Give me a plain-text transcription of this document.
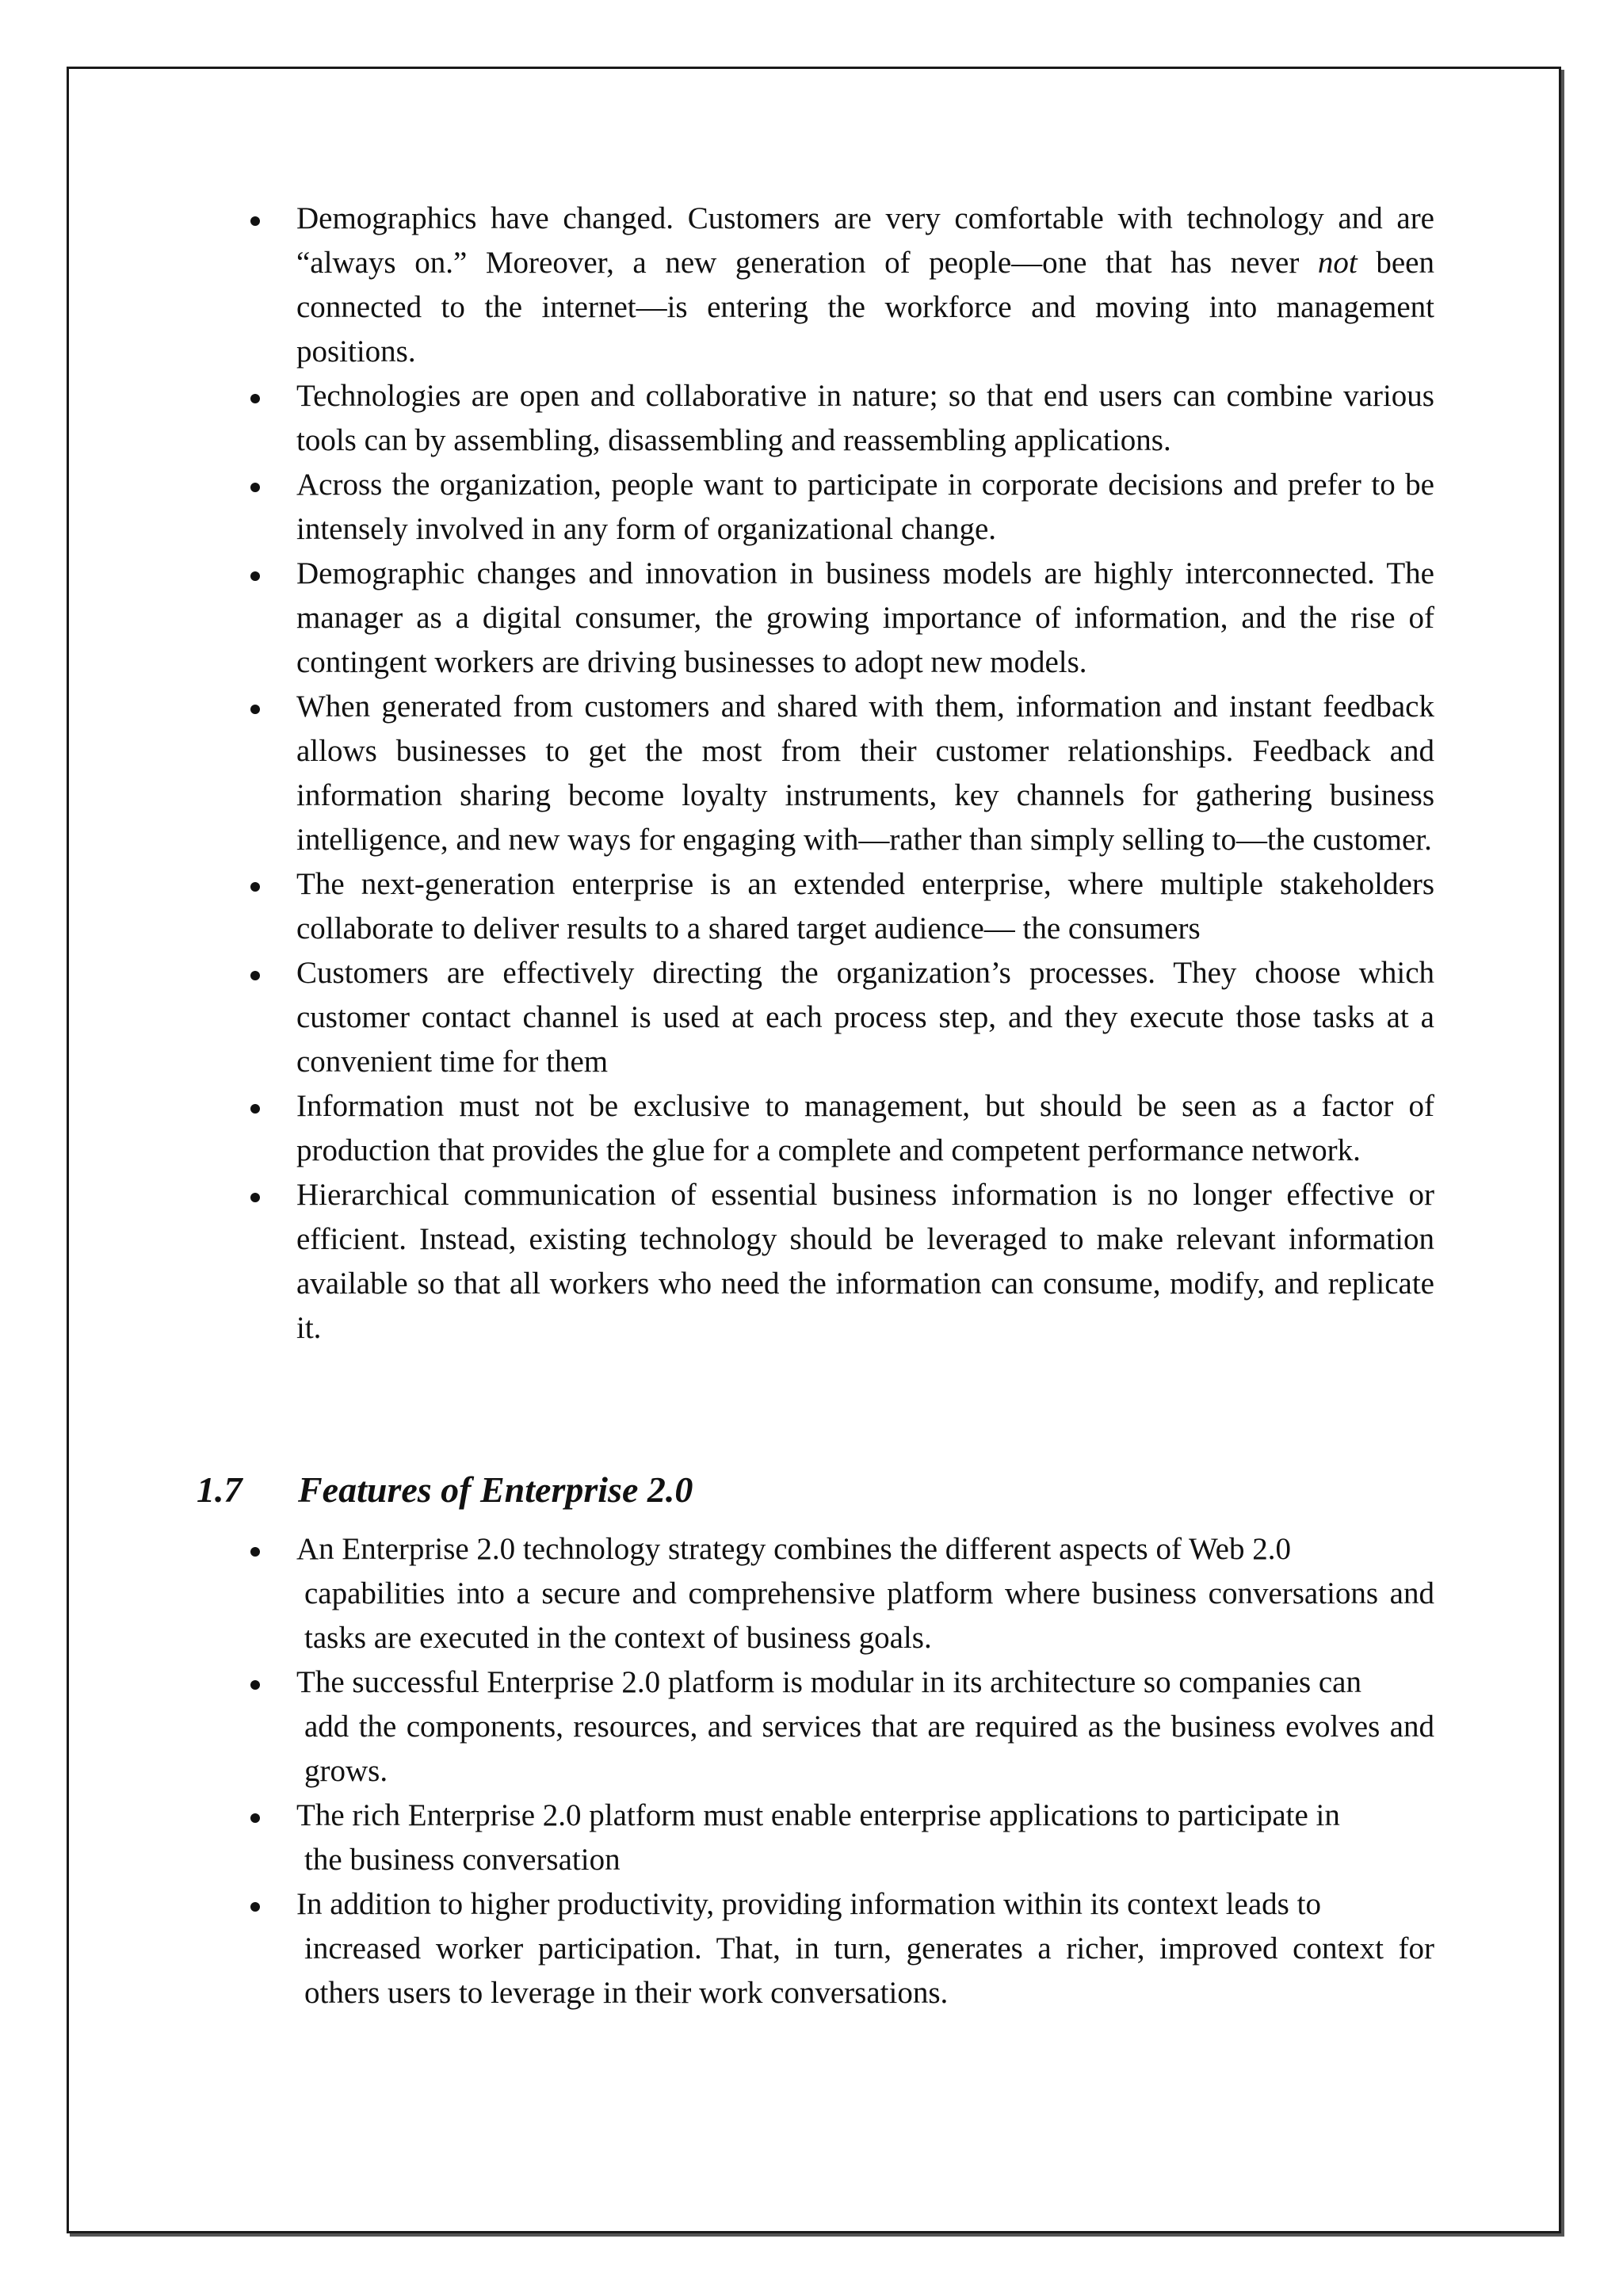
Demographics have changed. Customers are very comfortable with technology and are “always on.” Moreover, a new generation of people—one that has never not been connected to the internet—is entering the workforce and moving into management positions.
Technologies are open and collaborative in nature; so that end users can combine various tools can by assembling, disassembling and reassembling applications.
Across the organization, people want to participate in corporate decisions and prefer to be intensely involved in any form of organizational change.
Demographic changes and innovation in business models are highly interconnected. The manager as a digital consumer, the growing importance of information, and the rise of contingent workers are driving businesses to adopt new models.
When generated from customers and shared with them, information and instant feedback allows businesses to get the most from their customer relationships. Feedback and information sharing become loyalty instruments, key channels for gathering business intelligence, and new ways for engaging with—rather than simply selling to—the customer.
The next-generation enterprise is an extended enterprise, where multiple stakeholders collaborate to deliver results to a shared target audience— the consumers
Customers are effectively directing the organization’s processes. They choose which customer contact channel is used at each process step, and they execute those tasks at a convenient time for them
Information must not be exclusive to management, but should be seen as a factor of production that provides the glue for a complete and competent performance network.
Hierarchical communication of essential business information is no longer effective or efficient. Instead, existing technology should be leveraged to make relevant information available so that all workers who need the information can consume, modify, and replicate it.
1.7 Features of Enterprise 2.0
An Enterprise 2.0 technology strategy combines the different aspects of Web 2.0
capabilities into a secure and comprehensive platform where business conversations and tasks are executed in the context of business goals.
The successful Enterprise 2.0 platform is modular in its architecture so companies can
add the components, resources, and services that are required as the business evolves and grows.
The rich Enterprise 2.0 platform must enable enterprise applications to participate in
the business conversation
In addition to higher productivity, providing information within its context leads to
increased worker participation. That, in turn, generates a richer, improved context for others users to leverage in their work conversations.
